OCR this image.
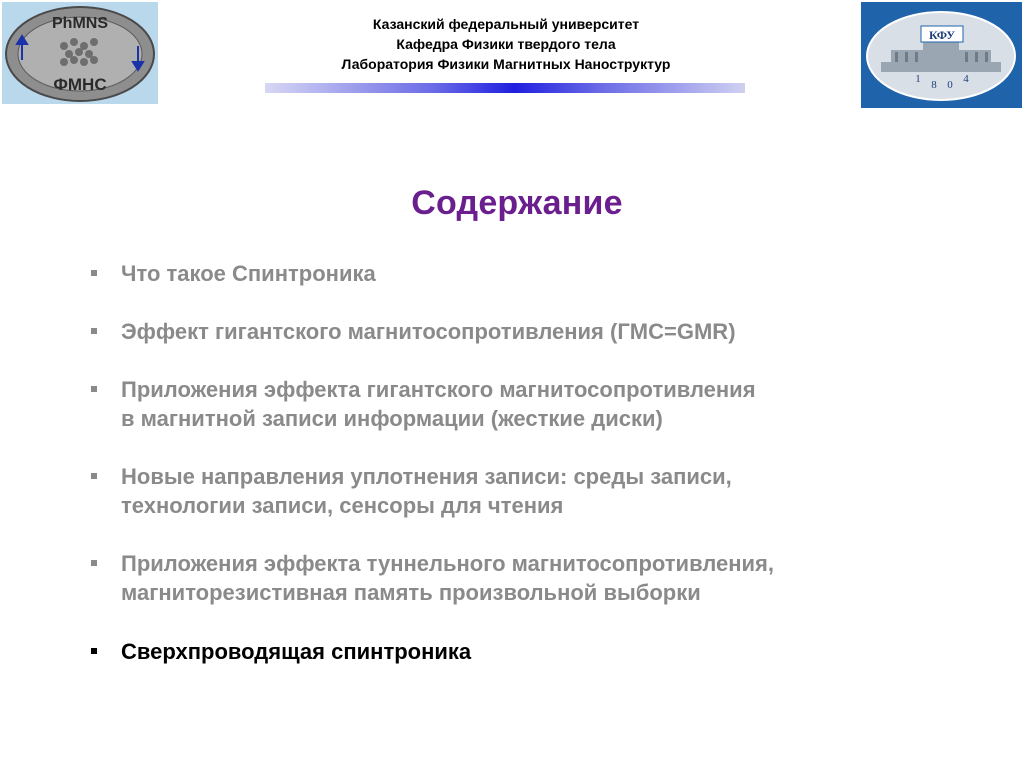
PhMNS
ФМНС
Казанский федеральный университет
Кафедра Физики твердого тела
Лаборатория Физики Магнитных Наноструктур
КФУ
1 8 0 4
Содержание
Что такое Спинтроника
Эффект гигантского магнитосопротивления (ГМС=GMR)
Приложения эффекта гигантского магнитосопротивления
в магнитной записи информации (жесткие диски)
Новые направления уплотнения записи: среды записи,
технологии записи, сенсоры для чтения
Приложения эффекта туннельного магнитосопротивления,
магниторезистивная память произвольной выборки
Сверхпроводящая спинтроника
